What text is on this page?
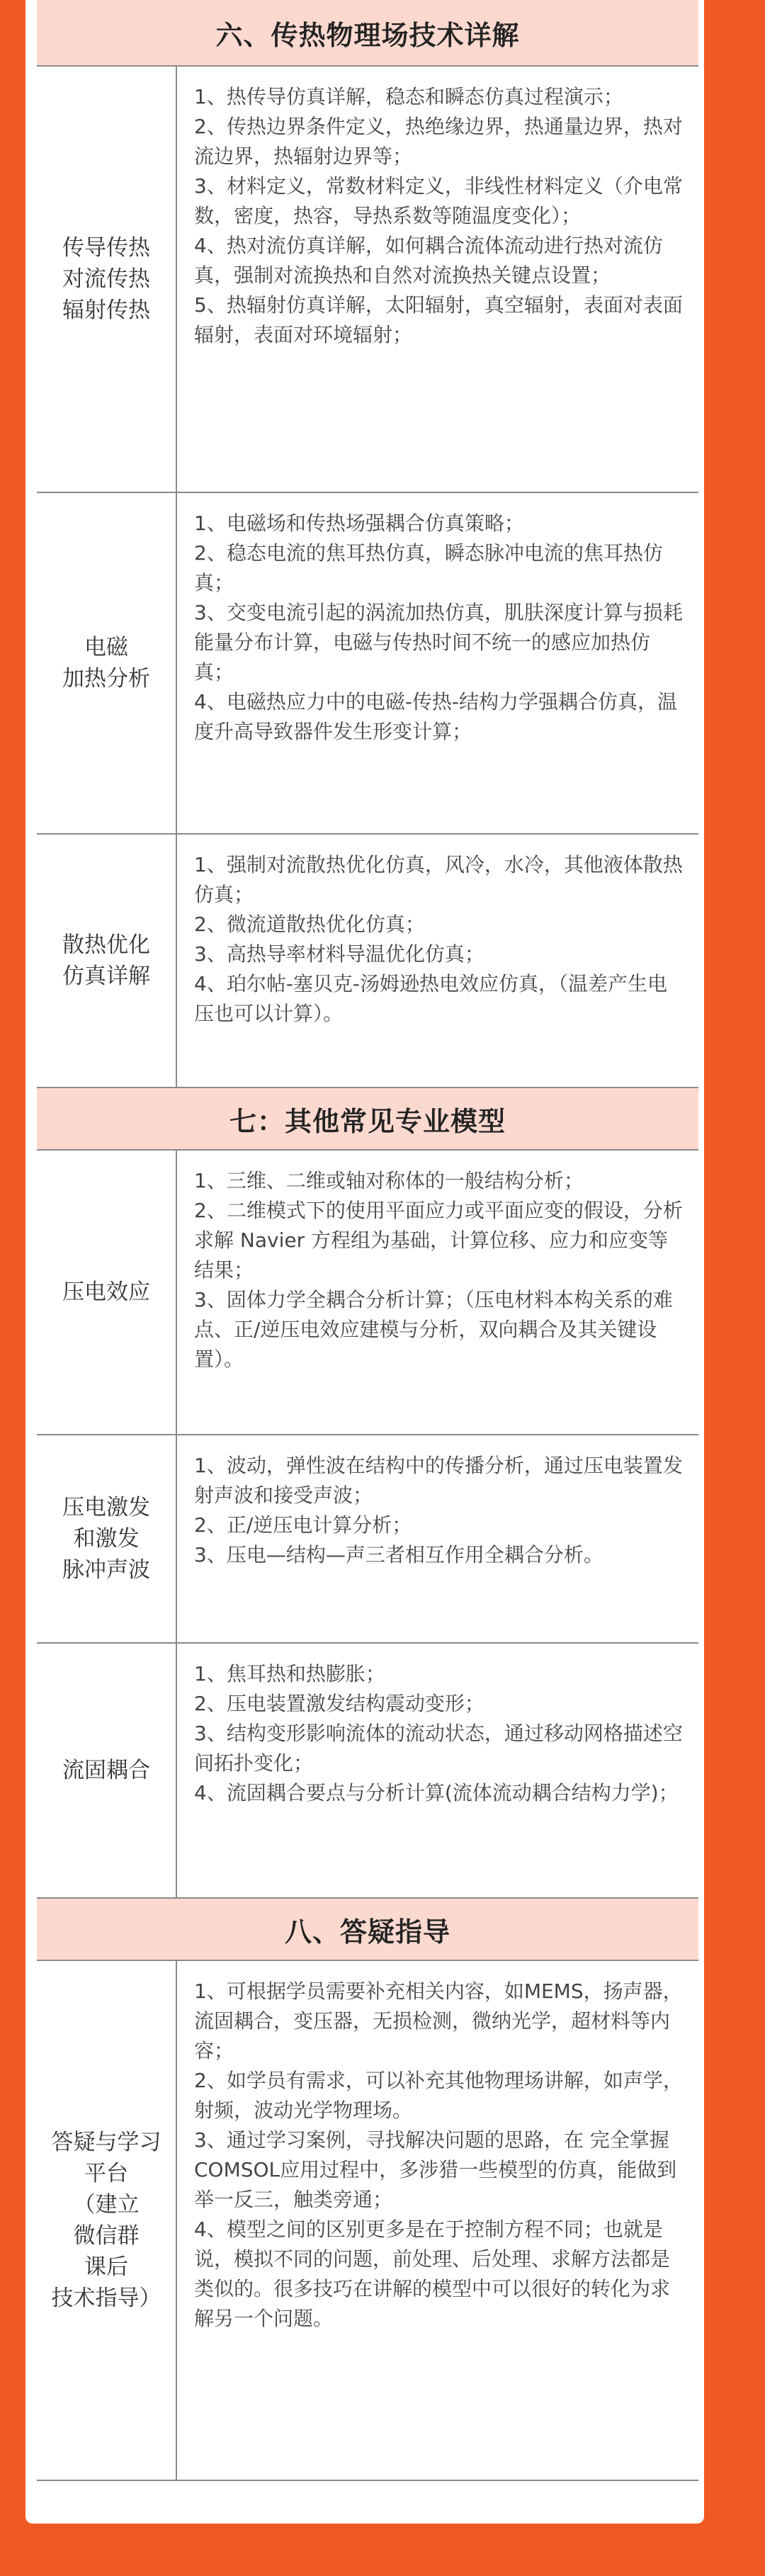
六、传热物理场技术详解
传导传热
对流传热
辐射传热

1、热传导仿真详解，稳态和瞬态仿真过程演示；

2、传热边界条件定义，热绝缘边界，热通量边界，热对流边界，热辐射边界等；

3、材料定义，常数材料定义，非线性材料定义（介电常数，密度，热容，导热系数等随温度变化）；

4、热对流仿真详解，如何耦合流体流动进行热对流仿真，强制对流换热和自然对流换热关键点设置；

5、热辐射仿真详解，太阳辐射，真空辐射，表面对表面辐射，表面对环境辐射；

电磁
加热分析

1、电磁场和传热场强耦合仿真策略；

2、稳态电流的焦耳热仿真，瞬态脉冲电流的焦耳热仿真；

3、交变电流引起的涡流加热仿真，肌肤深度计算与损耗能量分布计算，电磁与传热时间不统一的感应加热仿真；

4、电磁热应力中的电磁-传热-结构力学强耦合仿真，温度升高导致器件发生形变计算；

散热优化
仿真详解

1、强制对流散热优化仿真，风冷，水冷，其他液体散热仿真；

2、微流道散热优化仿真；

3、高热导率材料导温优化仿真；

4、珀尔帖-塞贝克-汤姆逊热电效应仿真，（温差产生电压也可以计算）。

七：其他常见专业模型
压电效应

1、三维、二维或轴对称体的一般结构分析；

2、二维模式下的使用平面应力或平面应变的假设，分析求解 Navier 方程组为基础，计算位移、应力和应变等结果；

3、固体力学全耦合分析计算；（压电材料本构关系的难点、正/逆压电效应建模与分析，双向耦合及其关键设置）。

压电激发
和激发
脉冲声波

1、波动，弹性波在结构中的传播分析，通过压电装置发射声波和接受声波；

2、正/逆压电计算分析；

3、压电—结构—声三者相互作用全耦合分析。

流固耦合

1、焦耳热和热膨胀；

2、压电装置激发结构震动变形；

3、结构变形影响流体的流动状态，通过移动网格描述空间拓扑变化；

4、流固耦合要点与分析计算(流体流动耦合结构力学)；

八、答疑指导
答疑与学习
平台
（建立
微信群
课后
技术指导）

1、可根据学员需要补充相关内容，如MEMS，扬声器，流固耦合，变压器，无损检测，微纳光学，超材料等内容；

2、如学员有需求，可以补充其他物理场讲解，如声学，射频，波动光学物理场。

3、通过学习案例，寻找解决问题的思路，在 完全掌握COMSOL应用过程中，多涉猎一些模型的仿真，能做到举一反三，触类旁通；

4、模型之间的区别更多是在于控制方程不同；也就是说，模拟不同的问题，前处理、后处理、求解方法都是类似的。很多技巧在讲解的模型中可以很好的转化为求解另一个问题。
